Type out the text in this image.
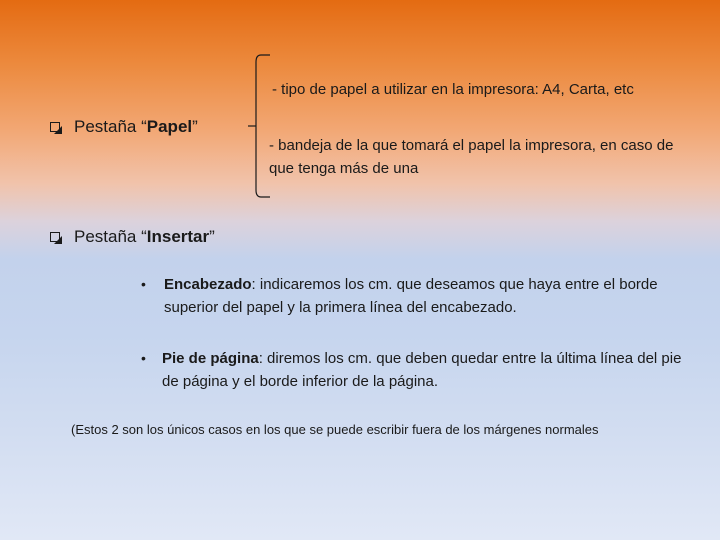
Pestaña “Papel”
- tipo de papel a utilizar en la impresora: A4, Carta, etc
- bandeja de la que tomará el papel la impresora, en caso de que tenga más de una
Pestaña “Insertar”
• Encabezado: indicaremos los cm. que deseamos que haya entre el borde superior del papel y la primera línea del encabezado.
• Pie de página: diremos los cm. que deben quedar entre la última línea del pie de página y el borde inferior de la página.
(Estos 2 son los únicos casos en los que se puede escribir fuera de los márgenes normales
